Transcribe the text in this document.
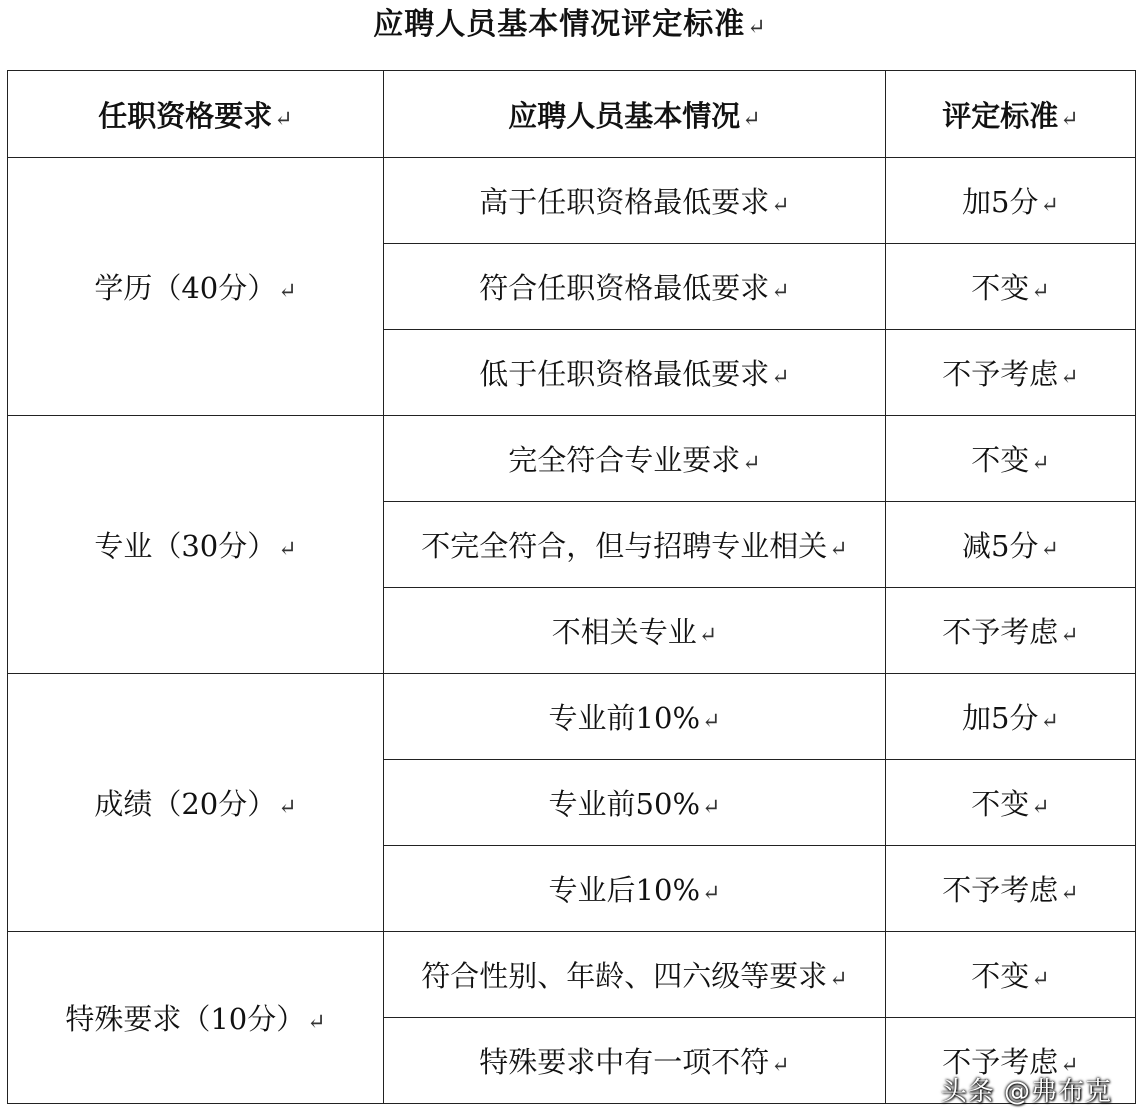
应聘人员基本情况评定标准↵
任职资格要求↵	应聘人员基本情况↵	评定标准↵
学历（40分）↵	高于任职资格最低要求↵	加5分↵
	符合任职资格最低要求↵	不变↵
	低于任职资格最低要求↵	不予考虑↵
专业（30分）↵	完全符合专业要求↵	不变↵
	不完全符合，但与招聘专业相关↵	减5分↵
	不相关专业↵	不予考虑↵
成绩（20分）↵	专业前10%↵	加5分↵
	专业前50%↵	不变↵
	专业后10%↵	不予考虑↵
特殊要求（10分）↵	符合性别、年龄、四六级等要求↵	不变↵
	特殊要求中有一项不符↵	不予考虑↵
头条 @弗布克
